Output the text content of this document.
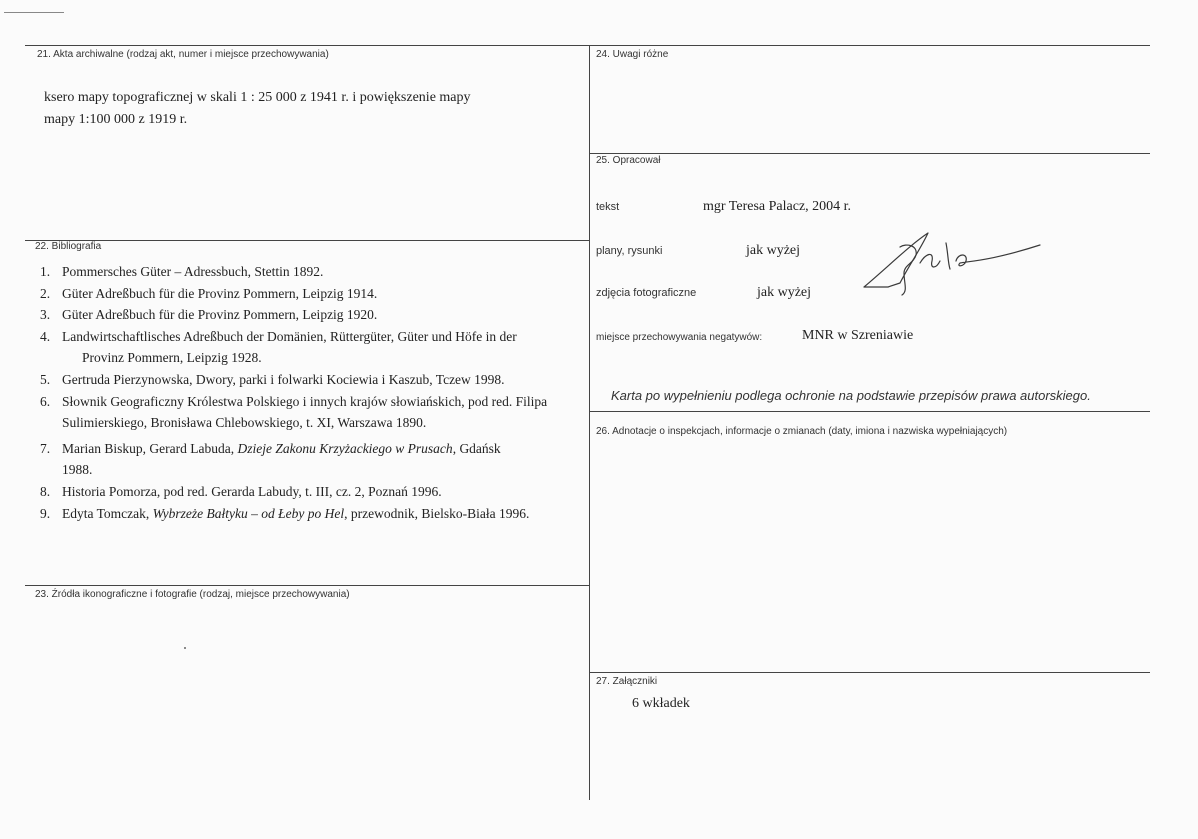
21. Akta archiwalne (rodzaj akt, numer i miejsce przechowywania)
ksero mapy topograficznej w skali 1 : 25 000 z 1941 r. i powiększenie mapy
mapy 1:100 000 z 1919 r.
22. Bibliografia
1. Pommersches Güter – Adressbuch, Stettin 1892.
2. Güter Adreßbuch für die Provinz Pommern, Leipzig 1914.
3. Güter Adreßbuch für die Provinz Pommern, Leipzig 1920.
4. Landwirtschaftlisches Adreßbuch der Domänien, Rüttergüter, Güter und Höfe in der
Provinz Pommern, Leipzig 1928.
5. Gertruda Pierzynowska, Dwory, parki i folwarki Kociewia i Kaszub, Tczew 1998.
6. Słownik Geograficzny Królestwa Polskiego i innych krajów słowiańskich, pod red. Filipa
Sulimierskiego, Bronisława Chlebowskiego, t. XI, Warszawa 1890.
7. Marian Biskup, Gerard Labuda, Dzieje Zakonu Krzyżackiego w Prusach, Gdańsk
1988.
8. Historia Pomorza, pod red. Gerarda Labudy, t. III, cz. 2, Poznań 1996.
9. Edyta Tomczak, Wybrzeże Bałtyku – od Łeby po Hel, przewodnik, Bielsko-Biała 1996.
23. Źródła ikonograficzne i fotografie (rodzaj, miejsce przechowywania)
24. Uwagi różne
25. Opracował
tekst	mgr Teresa Palacz, 2004 r.
plany, rysunki	jak wyżej
zdjęcia fotograficzne	jak wyżej
miejsce przechowywania negatywów:	MNR w Szreniawie
Karta po wypełnieniu podlega ochronie na podstawie przepisów prawa autorskiego.
26. Adnotacje o inspekcjach, informacje o zmianach (daty, imiona i nazwiska wypełniających)
27. Załączniki
6 wkładek
